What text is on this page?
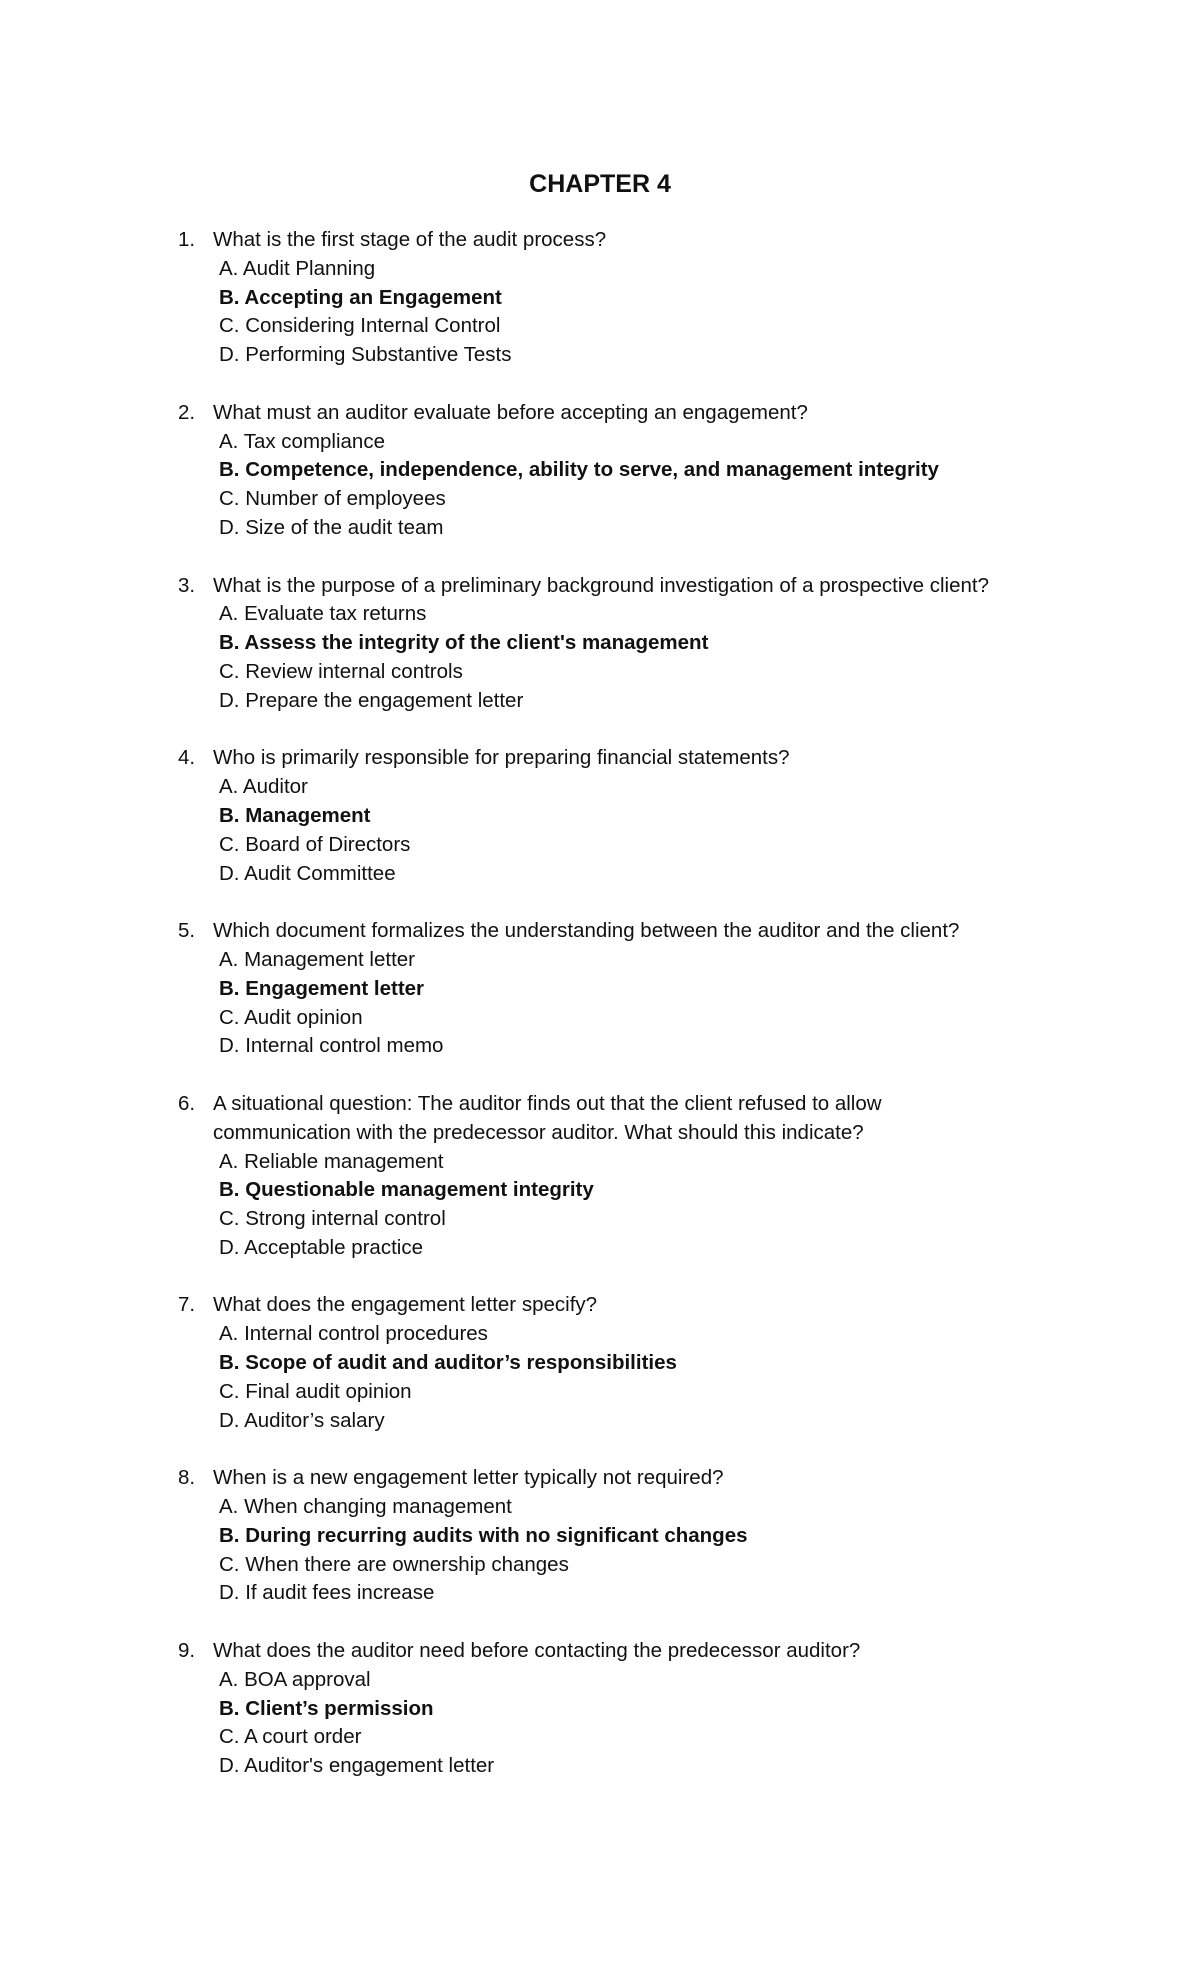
CHAPTER 4
1. What is the first stage of the audit process?
A. Audit Planning
B. Accepting an Engagement
C. Considering Internal Control
D. Performing Substantive Tests
2. What must an auditor evaluate before accepting an engagement?
A. Tax compliance
B. Competence, independence, ability to serve, and management integrity
C. Number of employees
D. Size of the audit team
3. What is the purpose of a preliminary background investigation of a prospective client?
A. Evaluate tax returns
B. Assess the integrity of the client's management
C. Review internal controls
D. Prepare the engagement letter
4. Who is primarily responsible for preparing financial statements?
A. Auditor
B. Management
C. Board of Directors
D. Audit Committee
5. Which document formalizes the understanding between the auditor and the client?
A. Management letter
B. Engagement letter
C. Audit opinion
D. Internal control memo
6. A situational question: The auditor finds out that the client refused to allow
communication with the predecessor auditor. What should this indicate?
A. Reliable management
B. Questionable management integrity
C. Strong internal control
D. Acceptable practice
7. What does the engagement letter specify?
A. Internal control procedures
B. Scope of audit and auditor’s responsibilities
C. Final audit opinion
D. Auditor’s salary
8. When is a new engagement letter typically not required?
A. When changing management
B. During recurring audits with no significant changes
C. When there are ownership changes
D. If audit fees increase
9. What does the auditor need before contacting the predecessor auditor?
A. BOA approval
B. Client’s permission
C. A court order
D. Auditor's engagement letter
